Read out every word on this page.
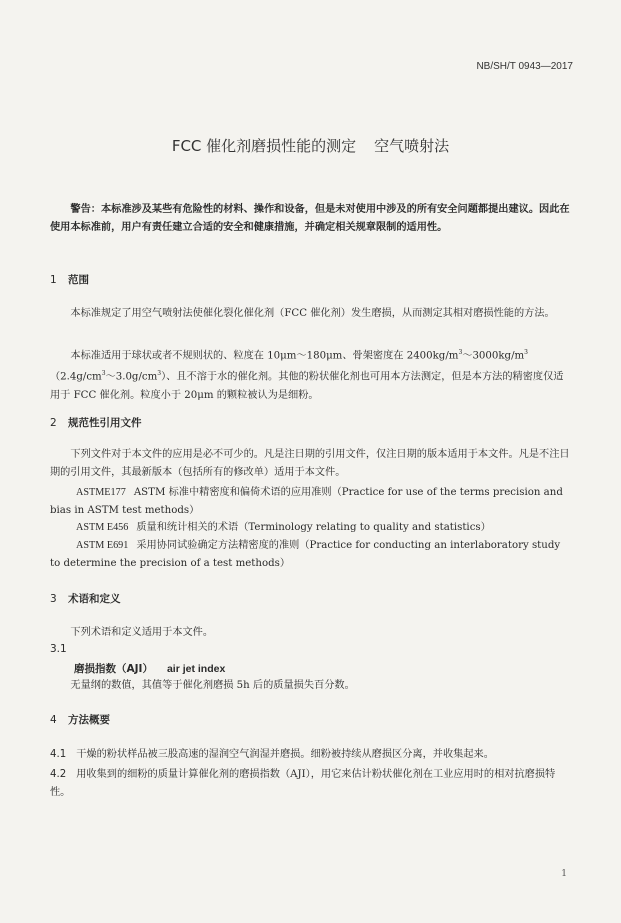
NB/SH/T 0943—2017
FCC 催化剂磨损性能的测定 空气喷射法

警告：本标准涉及某些有危险性的材料、操作和设备，但是未对使用中涉及的所有安全问题都提出建议。因此在使用本标准前，用户有责任建立合适的安全和健康措施，并确定相关规章限制的适用性。

1 范围

本标准规定了用空气喷射法使催化裂化催化剂（FCC 催化剂）发生磨损，从而测定其相对磨损性能的方法。

本标准适用于球状或者不规则状的、粒度在 10μm～180μm、骨架密度在 $2400kg/m^3\sim 3000kg/m^3(2.4g/cm^3\sim 3.0g/cm^3)$、且不溶于水的催化剂。其他的粉状催化剂也可用本方法测定，但是本方法的精密度仅适用于 FCC 催化剂。粒度小于 20μm 的颗粒被认为是细粉。

2 规范性引用文件

下列文件对于本文件的应用是必不可少的。凡是注日期的引用文件，仅注日期的版本适用于本文件。凡是不注日期的引用文件，其最新版本（包括所有的修改单）适用于本文件。

ASTME177 ASTM 标准中精密度和偏倚术语的应用准则（Practice for use of the terms precision and bias in ASTM test methods）

ASTM E456 质量和统计相关的术语（Terminology relating to quality and statistics）

ASTM E691 采用协同试验确定方法精密度的准则（Practice for conducting an interlaboratory study to determine the precision of a test methods）

3 术语和定义

下列术语和定义适用于本文件。

3.1
磨损指数（AJI） air jet index

无量纲的数值，其值等于催化剂磨损 5h 后的质量损失百分数。

4 方法概要

4.1 干燥的粉状样品被三股高速的湿润空气润湿并磨损。细粉被持续从磨损区分离，并收集起来。

4.2 用收集到的细粉的质量计算催化剂的磨损指数（AJI），用它来估计粉状催化剂在工业应用时的相对抗磨损特性。

1
